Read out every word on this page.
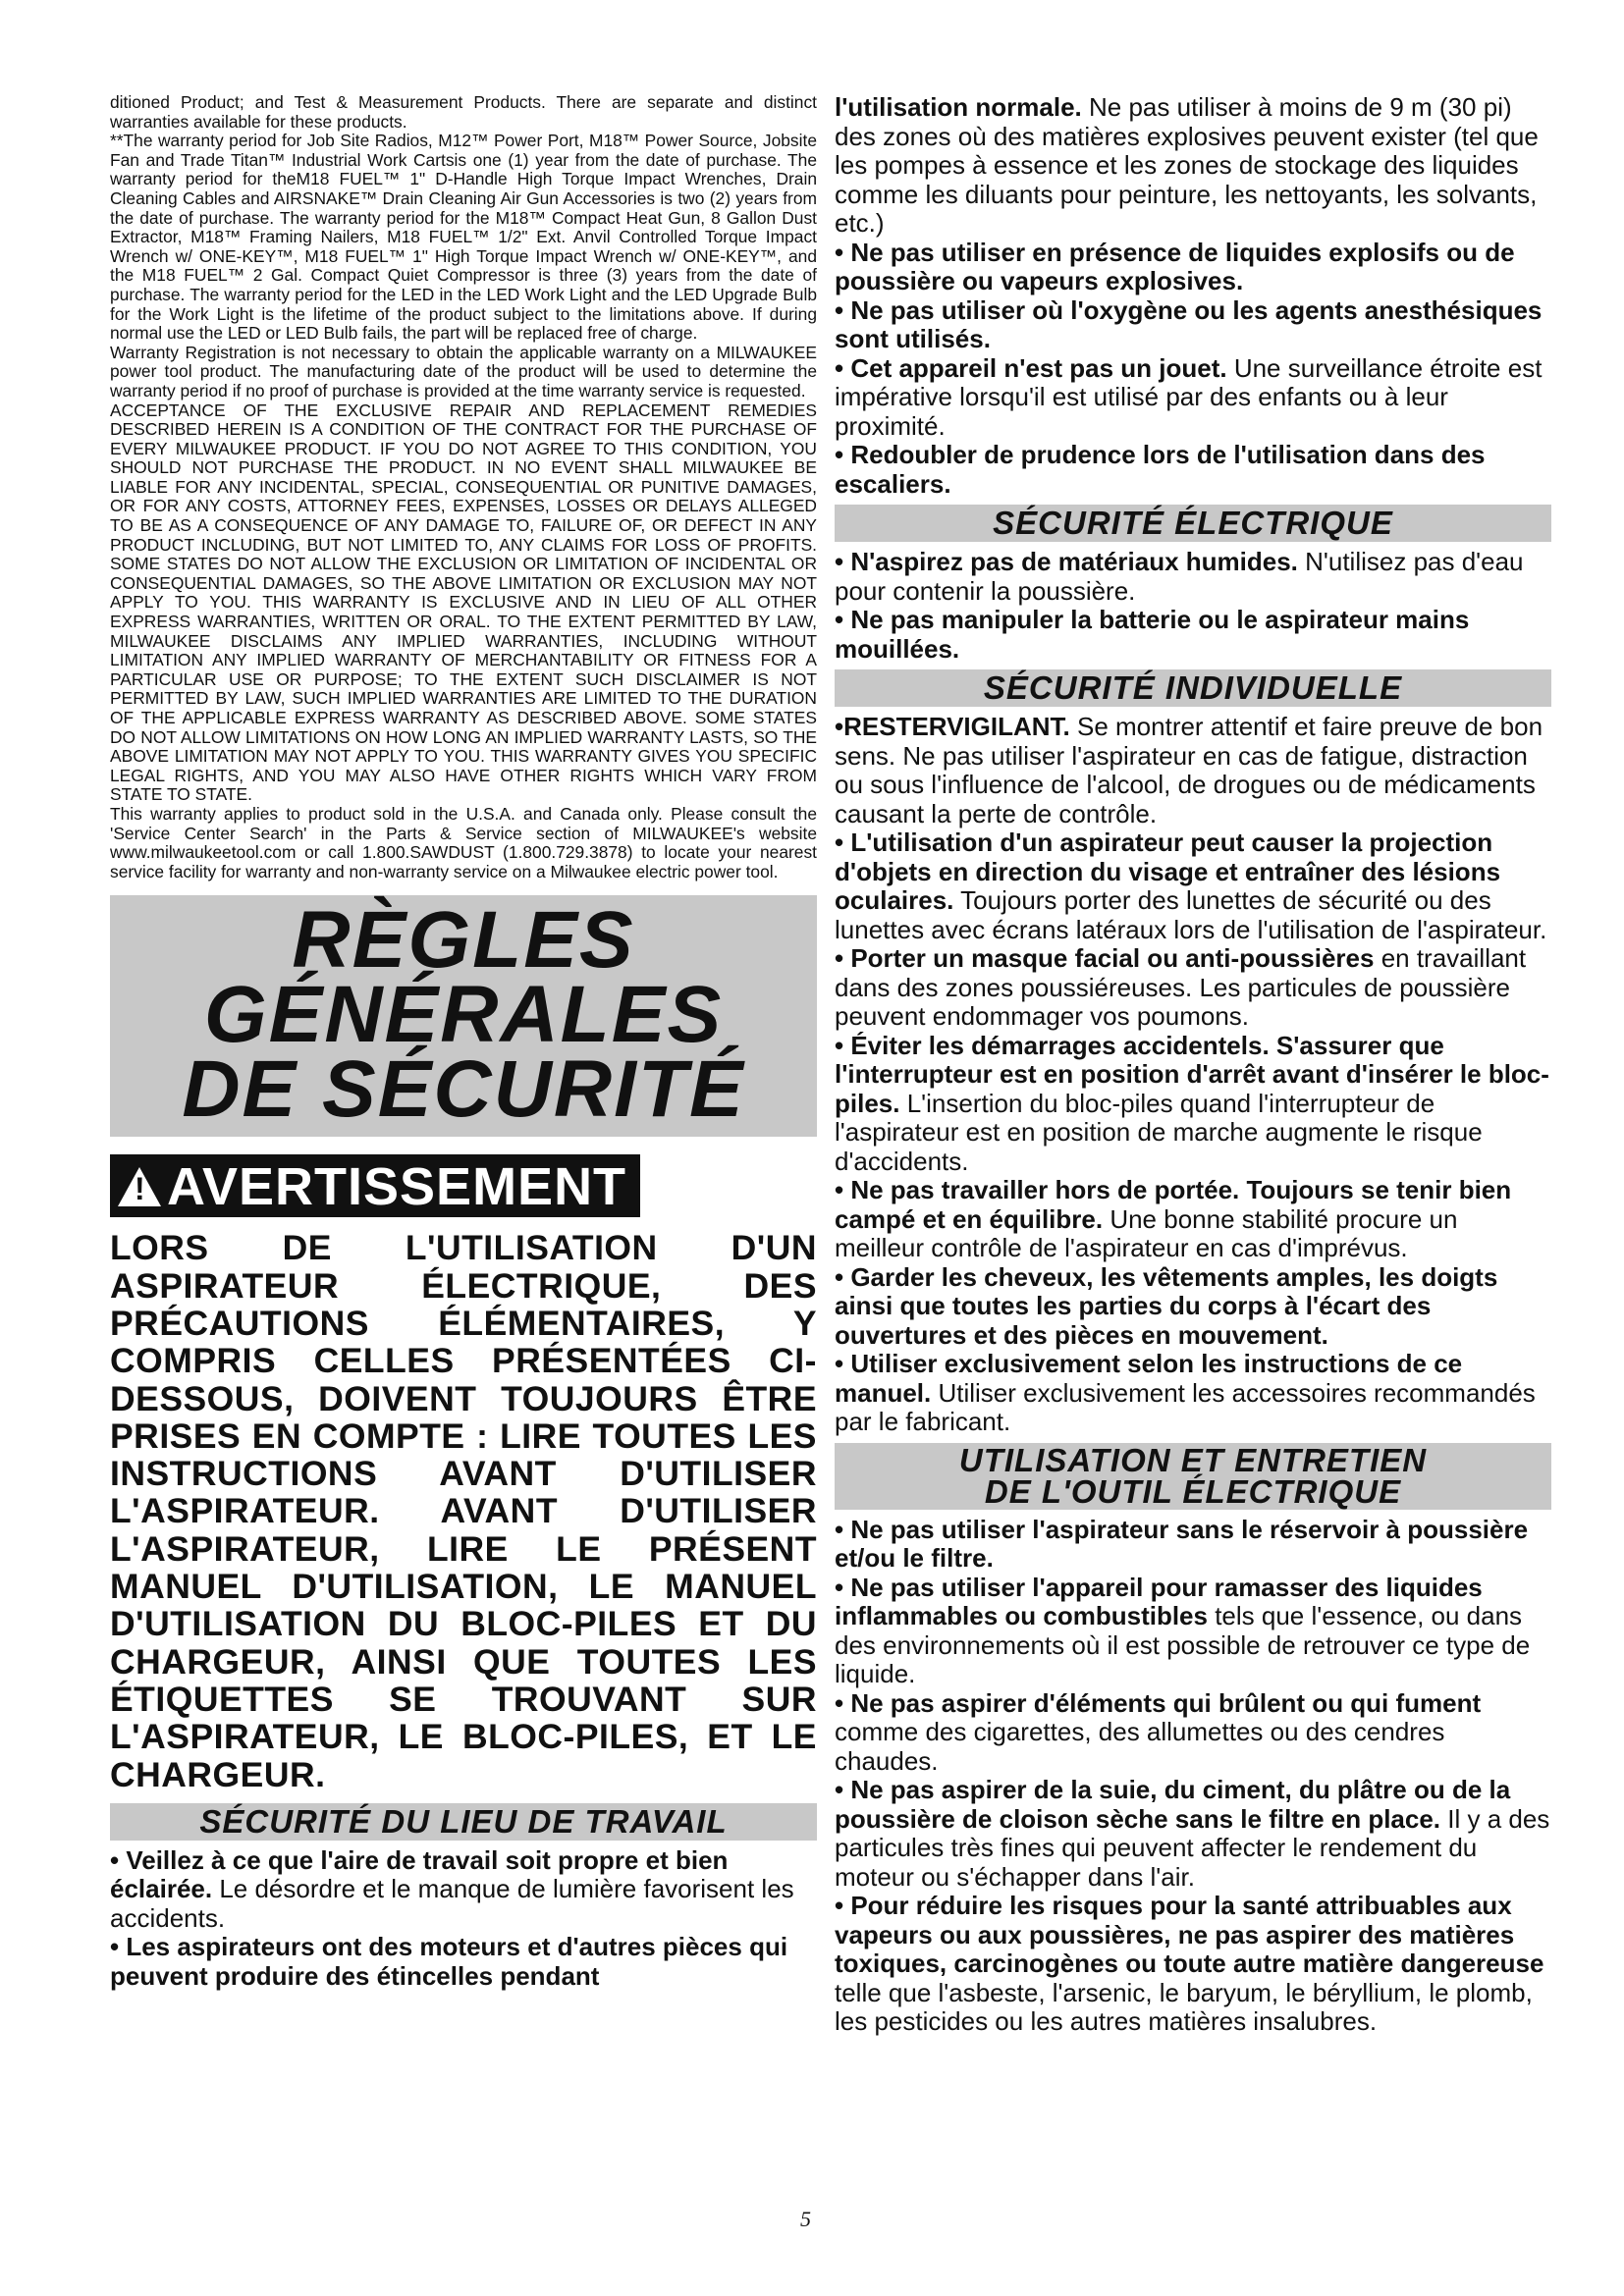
ditioned Product; and Test & Measurement Products. There are separate and distinct warranties available for these products.

**The warranty period for Job Site Radios, M12™ Power Port, M18™ Power Source, Jobsite Fan and Trade Titan™ Industrial Work Cartsis one (1) year from the date of purchase. The warranty period for theM18 FUEL™ 1" D-Handle High Torque Impact Wrenches, Drain Cleaning Cables and AIRSNAKE™ Drain Cleaning Air Gun Accessories is two (2) years from the date of purchase. The warranty period for the M18™ Compact Heat Gun, 8 Gallon Dust Extractor, M18™ Framing Nailers, M18 FUEL™ 1/2" Ext. Anvil Controlled Torque Impact Wrench w/ ONE-KEY™, M18 FUEL™ 1" High Torque Impact Wrench w/ ONE-KEY™, and the M18 FUEL™ 2 Gal. Compact Quiet Compressor is three (3) years from the date of purchase. The warranty period for the LED in the LED Work Light and the LED Upgrade Bulb for the Work Light is the lifetime of the product subject to the limitations above. If during normal use the LED or LED Bulb fails, the part will be replaced free of charge.

Warranty Registration is not necessary to obtain the applicable warranty on a MILWAUKEE power tool product. The manufacturing date of the product will be used to determine the warranty period if no proof of purchase is provided at the time warranty service is requested.

ACCEPTANCE OF THE EXCLUSIVE REPAIR AND REPLACEMENT REMEDIES DESCRIBED HEREIN IS A CONDITION OF THE CONTRACT FOR THE PURCHASE OF EVERY MILWAUKEE PRODUCT. IF YOU DO NOT AGREE TO THIS CONDITION, YOU SHOULD NOT PURCHASE THE PRODUCT. IN NO EVENT SHALL MILWAUKEE BE LIABLE FOR ANY INCIDENTAL, SPECIAL, CONSEQUENTIAL OR PUNITIVE DAMAGES, OR FOR ANY COSTS, ATTORNEY FEES, EXPENSES, LOSSES OR DELAYS ALLEGED TO BE AS A CONSEQUENCE OF ANY DAMAGE TO, FAILURE OF, OR DEFECT IN ANY PRODUCT INCLUDING, BUT NOT LIMITED TO, ANY CLAIMS FOR LOSS OF PROFITS. SOME STATES DO NOT ALLOW THE EXCLUSION OR LIMITATION OF INCIDENTAL OR CONSEQUENTIAL DAMAGES, SO THE ABOVE LIMITATION OR EXCLUSION MAY NOT APPLY TO YOU. THIS WARRANTY IS EXCLUSIVE AND IN LIEU OF ALL OTHER EXPRESS WARRANTIES, WRITTEN OR ORAL. TO THE EXTENT PERMITTED BY LAW, MILWAUKEE DISCLAIMS ANY IMPLIED WARRANTIES, INCLUDING WITHOUT LIMITATION ANY IMPLIED WARRANTY OF MERCHANTABILITY OR FITNESS FOR A PARTICULAR USE OR PURPOSE; TO THE EXTENT SUCH DISCLAIMER IS NOT PERMITTED BY LAW, SUCH IMPLIED WARRANTIES ARE LIMITED TO THE DURATION OF THE APPLICABLE EXPRESS WARRANTY AS DESCRIBED ABOVE. SOME STATES DO NOT ALLOW LIMITATIONS ON HOW LONG AN IMPLIED WARRANTY LASTS, SO THE ABOVE LIMITATION MAY NOT APPLY TO YOU. THIS WARRANTY GIVES YOU SPECIFIC LEGAL RIGHTS, AND YOU MAY ALSO HAVE OTHER RIGHTS WHICH VARY FROM STATE TO STATE.

This warranty applies to product sold in the U.S.A. and Canada only. Please consult the 'Service Center Search' in the Parts & Service section of MILWAUKEE's website www.milwaukeetool.com or call 1.800.SAWDUST (1.800.729.3878) to locate your nearest service facility for warranty and non-warranty service on a Milwaukee electric power tool.

RÈGLES
GÉNÉRALES
DE SÉCURITÉ
! AVERTISSEMENT

LORS DE L'UTILISATION D'UN ASPIRATEUR ÉLECTRIQUE, DES PRÉCAUTIONS ÉLÉMENTAIRES, Y COMPRIS CELLES PRÉSENTÉES CI-DESSOUS, DOIVENT TOUJOURS ÊTRE PRISES EN COMPTE : LIRE TOUTES LES INSTRUCTIONS AVANT D'UTILISER L'ASPIRATEUR. AVANT D'UTILISER L'ASPIRATEUR, LIRE LE PRÉSENT MANUEL D'UTILISATION, LE MANUEL D'UTILISATION DU BLOC-PILES ET DU CHARGEUR, AINSI QUE TOUTES LES ÉTIQUETTES SE TROUVANT SUR L'ASPIRATEUR, LE BLOC-PILES, ET LE CHARGEUR.

SÉCURITÉ DU LIEU DE TRAVAIL

• Veillez à ce que l'aire de travail soit propre et bien éclairée. Le désordre et le manque de lumière favorisent les accidents.

• Les aspirateurs ont des moteurs et d'autres pièces qui peuvent produire des étincelles pendant

l'utilisation normale. Ne pas utiliser à moins de 9 m (30 pi) des zones où des matières explosives peuvent exister (tel que les pompes à essence et les zones de stockage des liquides comme les diluants pour peinture, les nettoyants, les solvants, etc.)

• Ne pas utiliser en présence de liquides explosifs ou de poussière ou vapeurs explosives.

• Ne pas utiliser où l'oxygène ou les agents anesthésiques sont utilisés.

• Cet appareil n'est pas un jouet. Une surveillance étroite est impérative lorsqu'il est utilisé par des enfants ou à leur proximité.

• Redoubler de prudence lors de l'utilisation dans des escaliers.

SÉCURITÉ ÉLECTRIQUE

• N'aspirez pas de matériaux humides. N'utilisez pas d'eau pour contenir la poussière.

• Ne pas manipuler la batterie ou le aspirateur mains mouillées.

SÉCURITÉ INDIVIDUELLE

•RESTERVIGILANT. Se montrer attentif et faire preuve de bon sens. Ne pas utiliser l'aspirateur en cas de fatigue, distraction ou sous l'influence de l'alcool, de drogues ou de médicaments causant la perte de contrôle.

• L'utilisation d'un aspirateur peut causer la projection d'objets en direction du visage et entraîner des lésions oculaires. Toujours porter des lunettes de sécurité ou des lunettes avec écrans latéraux lors de l'utilisation de l'aspirateur.

• Porter un masque facial ou anti-poussières en travaillant dans des zones poussiéreuses. Les particules de poussière peuvent endommager vos poumons.

• Éviter les démarrages accidentels. S'assurer que l'interrupteur est en position d'arrêt avant d'insérer le bloc-piles. L'insertion du bloc-piles quand l'interrupteur de l'aspirateur est en position de marche augmente le risque d'accidents.

• Ne pas travailler hors de portée. Toujours se tenir bien campé et en équilibre. Une bonne stabilité procure un meilleur contrôle de l'aspirateur en cas d'imprévus.

• Garder les cheveux, les vêtements amples, les doigts ainsi que toutes les parties du corps à l'écart des ouvertures et des pièces en mouvement.

• Utiliser exclusivement selon les instructions de ce manuel. Utiliser exclusivement les accessoires recommandés par le fabricant.

UTILISATION ET ENTRETIEN
DE L'OUTIL ÉLECTRIQUE

• Ne pas utiliser l'aspirateur sans le réservoir à poussière et/ou le filtre.

• Ne pas utiliser l'appareil pour ramasser des liquides inflammables ou combustibles tels que l'essence, ou dans des environnements où il est possible de retrouver ce type de liquide.

• Ne pas aspirer d'éléments qui brûlent ou qui fument comme des cigarettes, des allumettes ou des cendres chaudes.

• Ne pas aspirer de la suie, du ciment, du plâtre ou de la poussière de cloison sèche sans le filtre en place. Il y a des particules très fines qui peuvent affecter le rendement du moteur ou s'échapper dans l'air.

• Pour réduire les risques pour la santé attribuables aux vapeurs ou aux poussières, ne pas aspirer des matières toxiques, carcinogènes ou toute autre matière dangereuse telle que l'asbeste, l'arsenic, le baryum, le béryllium, le plomb, les pesticides ou les autres matières insalubres.

5
